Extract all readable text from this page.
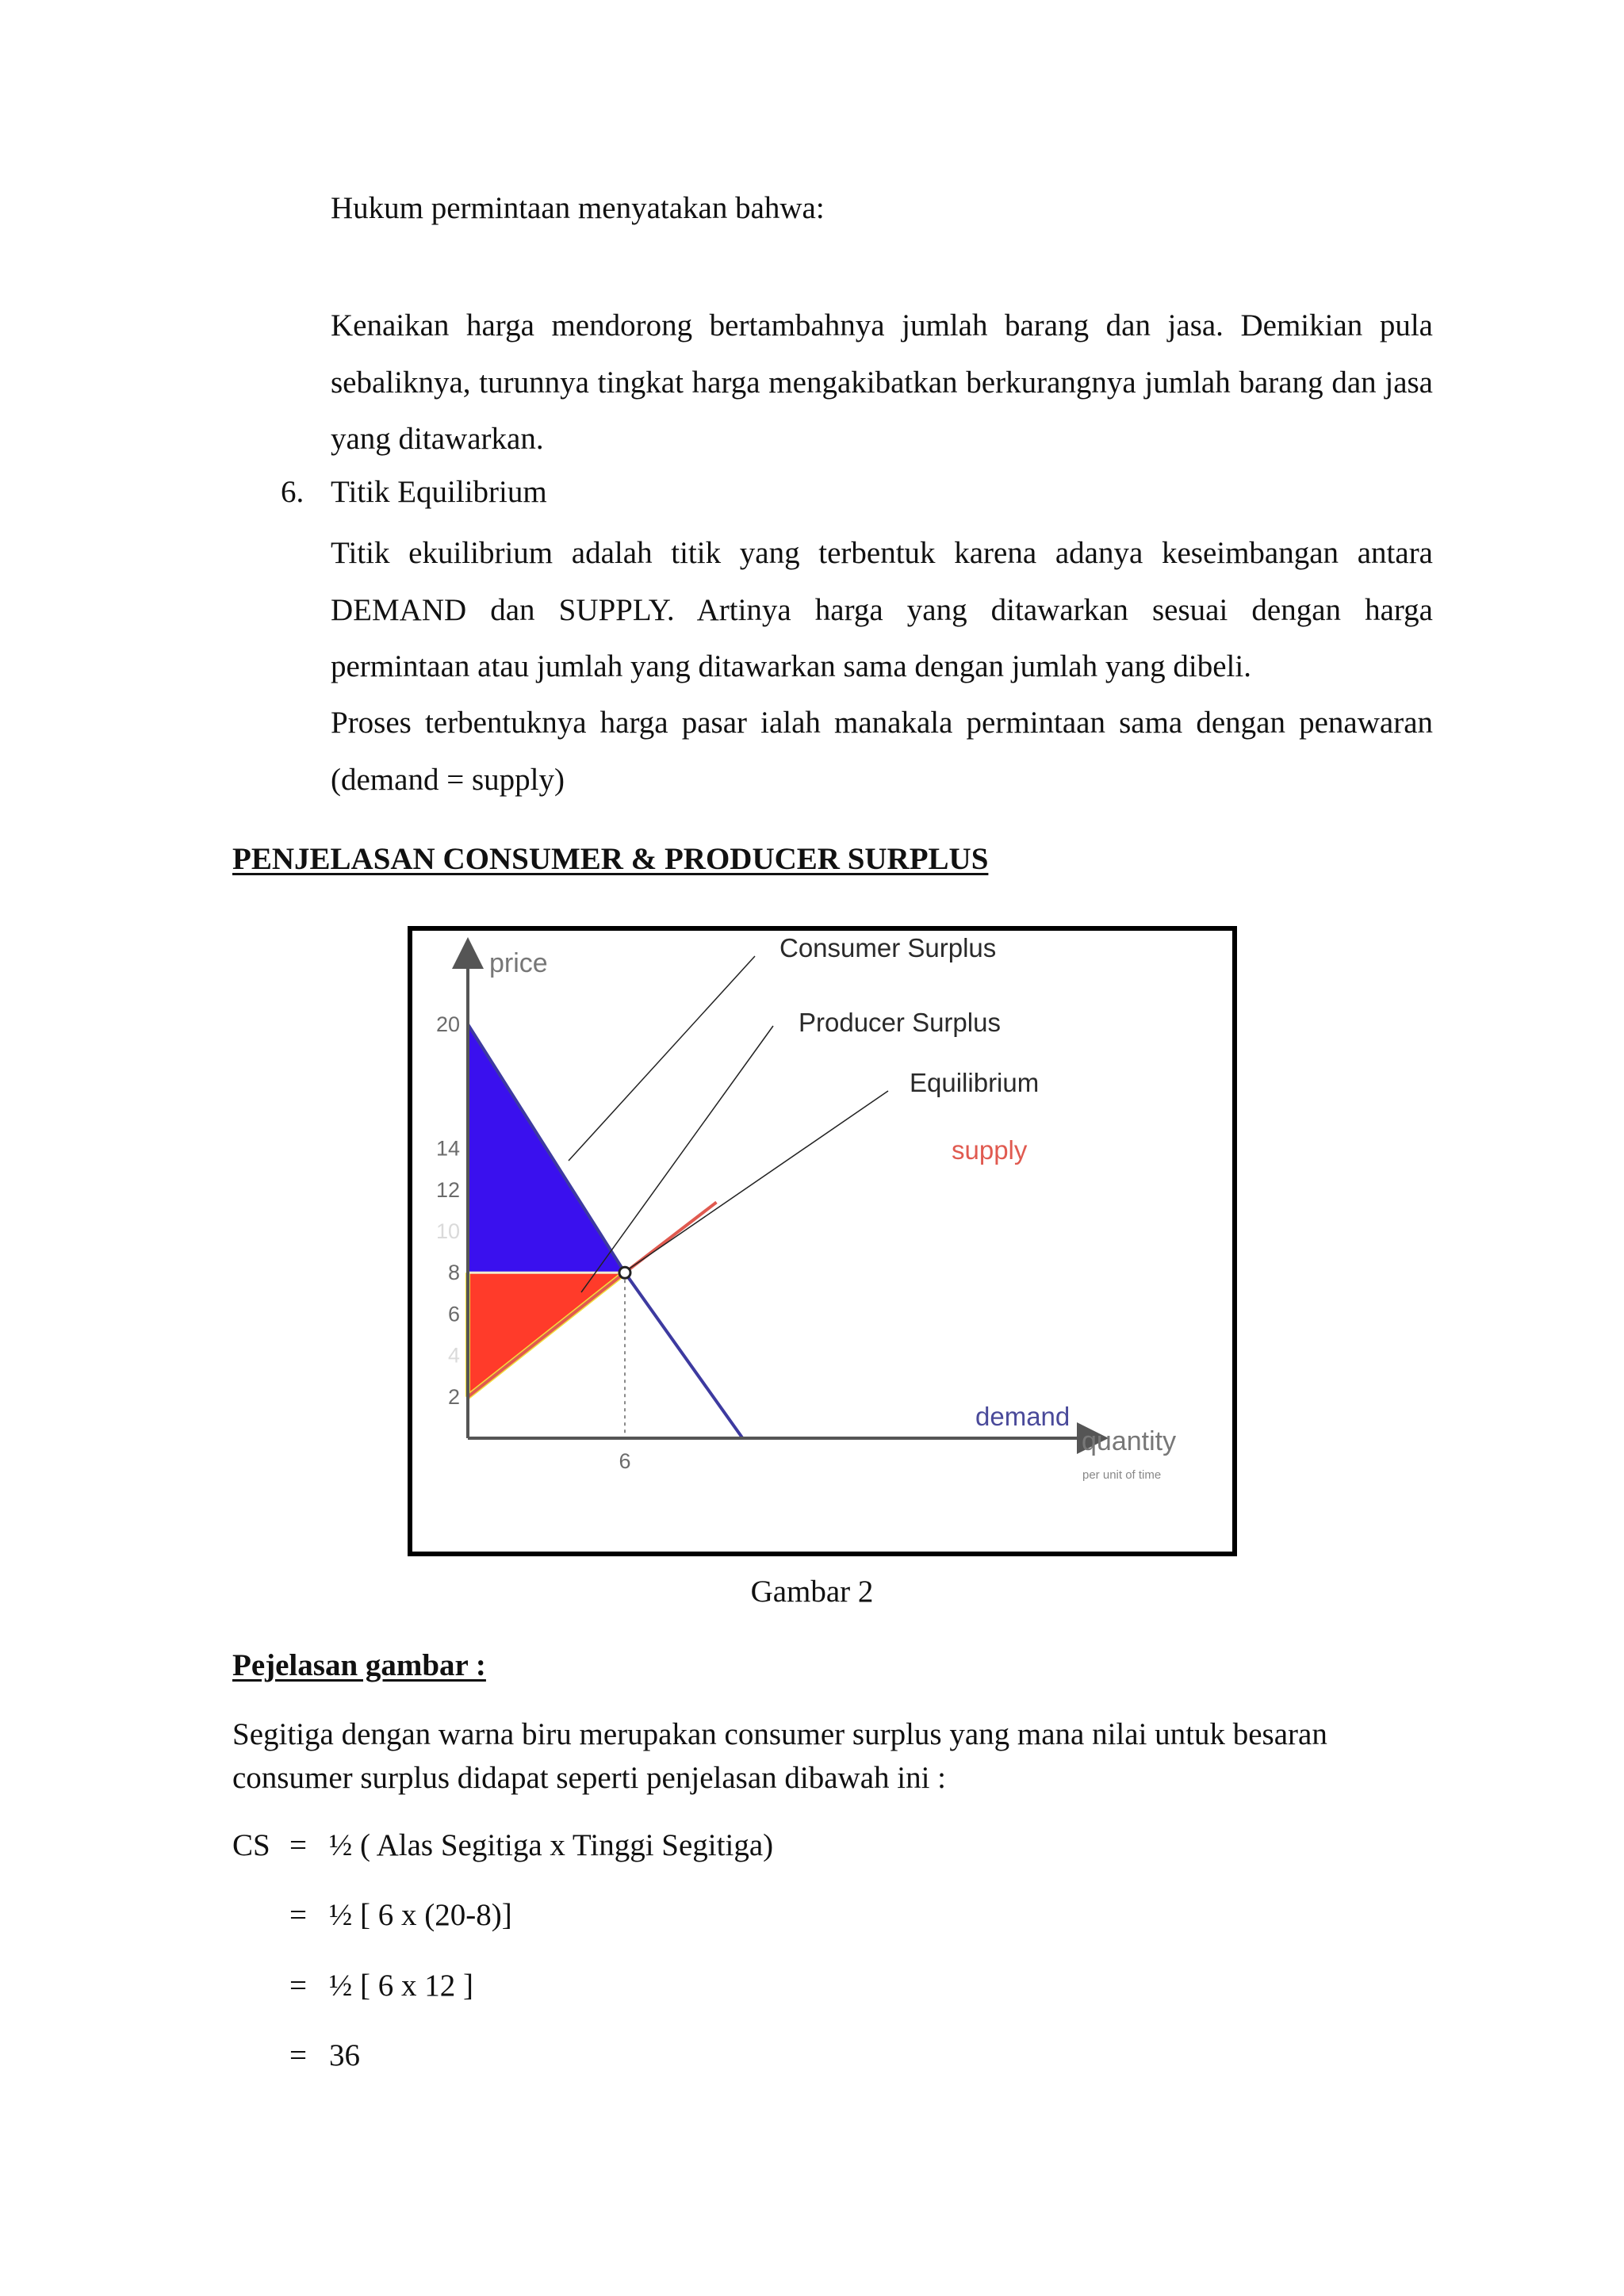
Hukum permintaan menyatakan bahwa:

Kenaikan harga mendorong bertambahnya jumlah barang dan jasa. Demikian pula sebaliknya, turunnya tingkat harga mengakibatkan berkurangnya jumlah barang dan jasa yang ditawarkan.

6. Titik Equilibrium

Titik ekuilibrium adalah titik yang terbentuk karena adanya keseimbangan antara DEMAND dan SUPPLY. Artinya harga yang ditawarkan sesuai dengan harga permintaan atau jumlah yang ditawarkan sama dengan jumlah yang dibeli.

Proses terbentuknya harga pasar ialah manakala permintaan sama dengan penawaran (demand = supply)

PENJELASAN CONSUMER & PRODUCER SURPLUS
20
14
12
10
8
6
4
2
6
price
quantity
per unit of time
Consumer Surplus
Producer Surplus
Equilibrium
supply
demand
Gambar 2
Pejelasan gambar :

Segitiga dengan warna biru merupakan consumer surplus yang mana nilai untuk besaran consumer surplus didapat seperti penjelasan dibawah ini :

CS = ½ ( Alas Segitiga x Tinggi Segitiga)
= ½ [ 6 x (20-8)]
= ½ [ 6 x 12 ]
= 36
